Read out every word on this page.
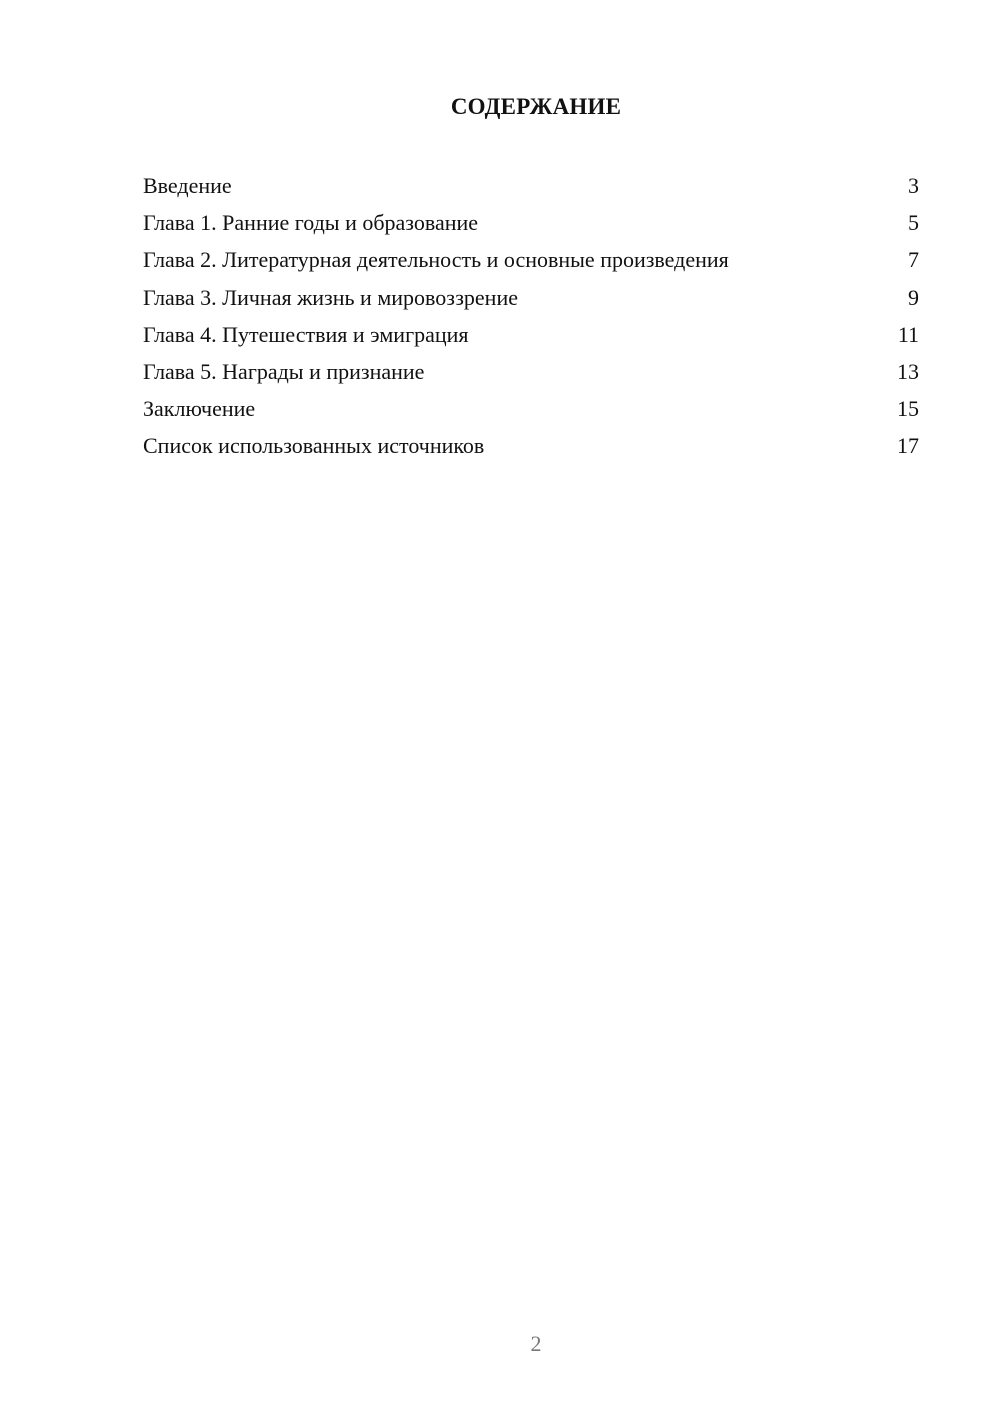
СОДЕРЖАНИЕ
Введение	3
Глава 1. Ранние годы и образование	5
Глава 2. Литературная деятельность и основные произведения	7
Глава 3. Личная жизнь и мировоззрение	9
Глава 4. Путешествия и эмиграция	11
Глава 5. Награды и признание	13
Заключение	15
Список использованных источников	17
2
